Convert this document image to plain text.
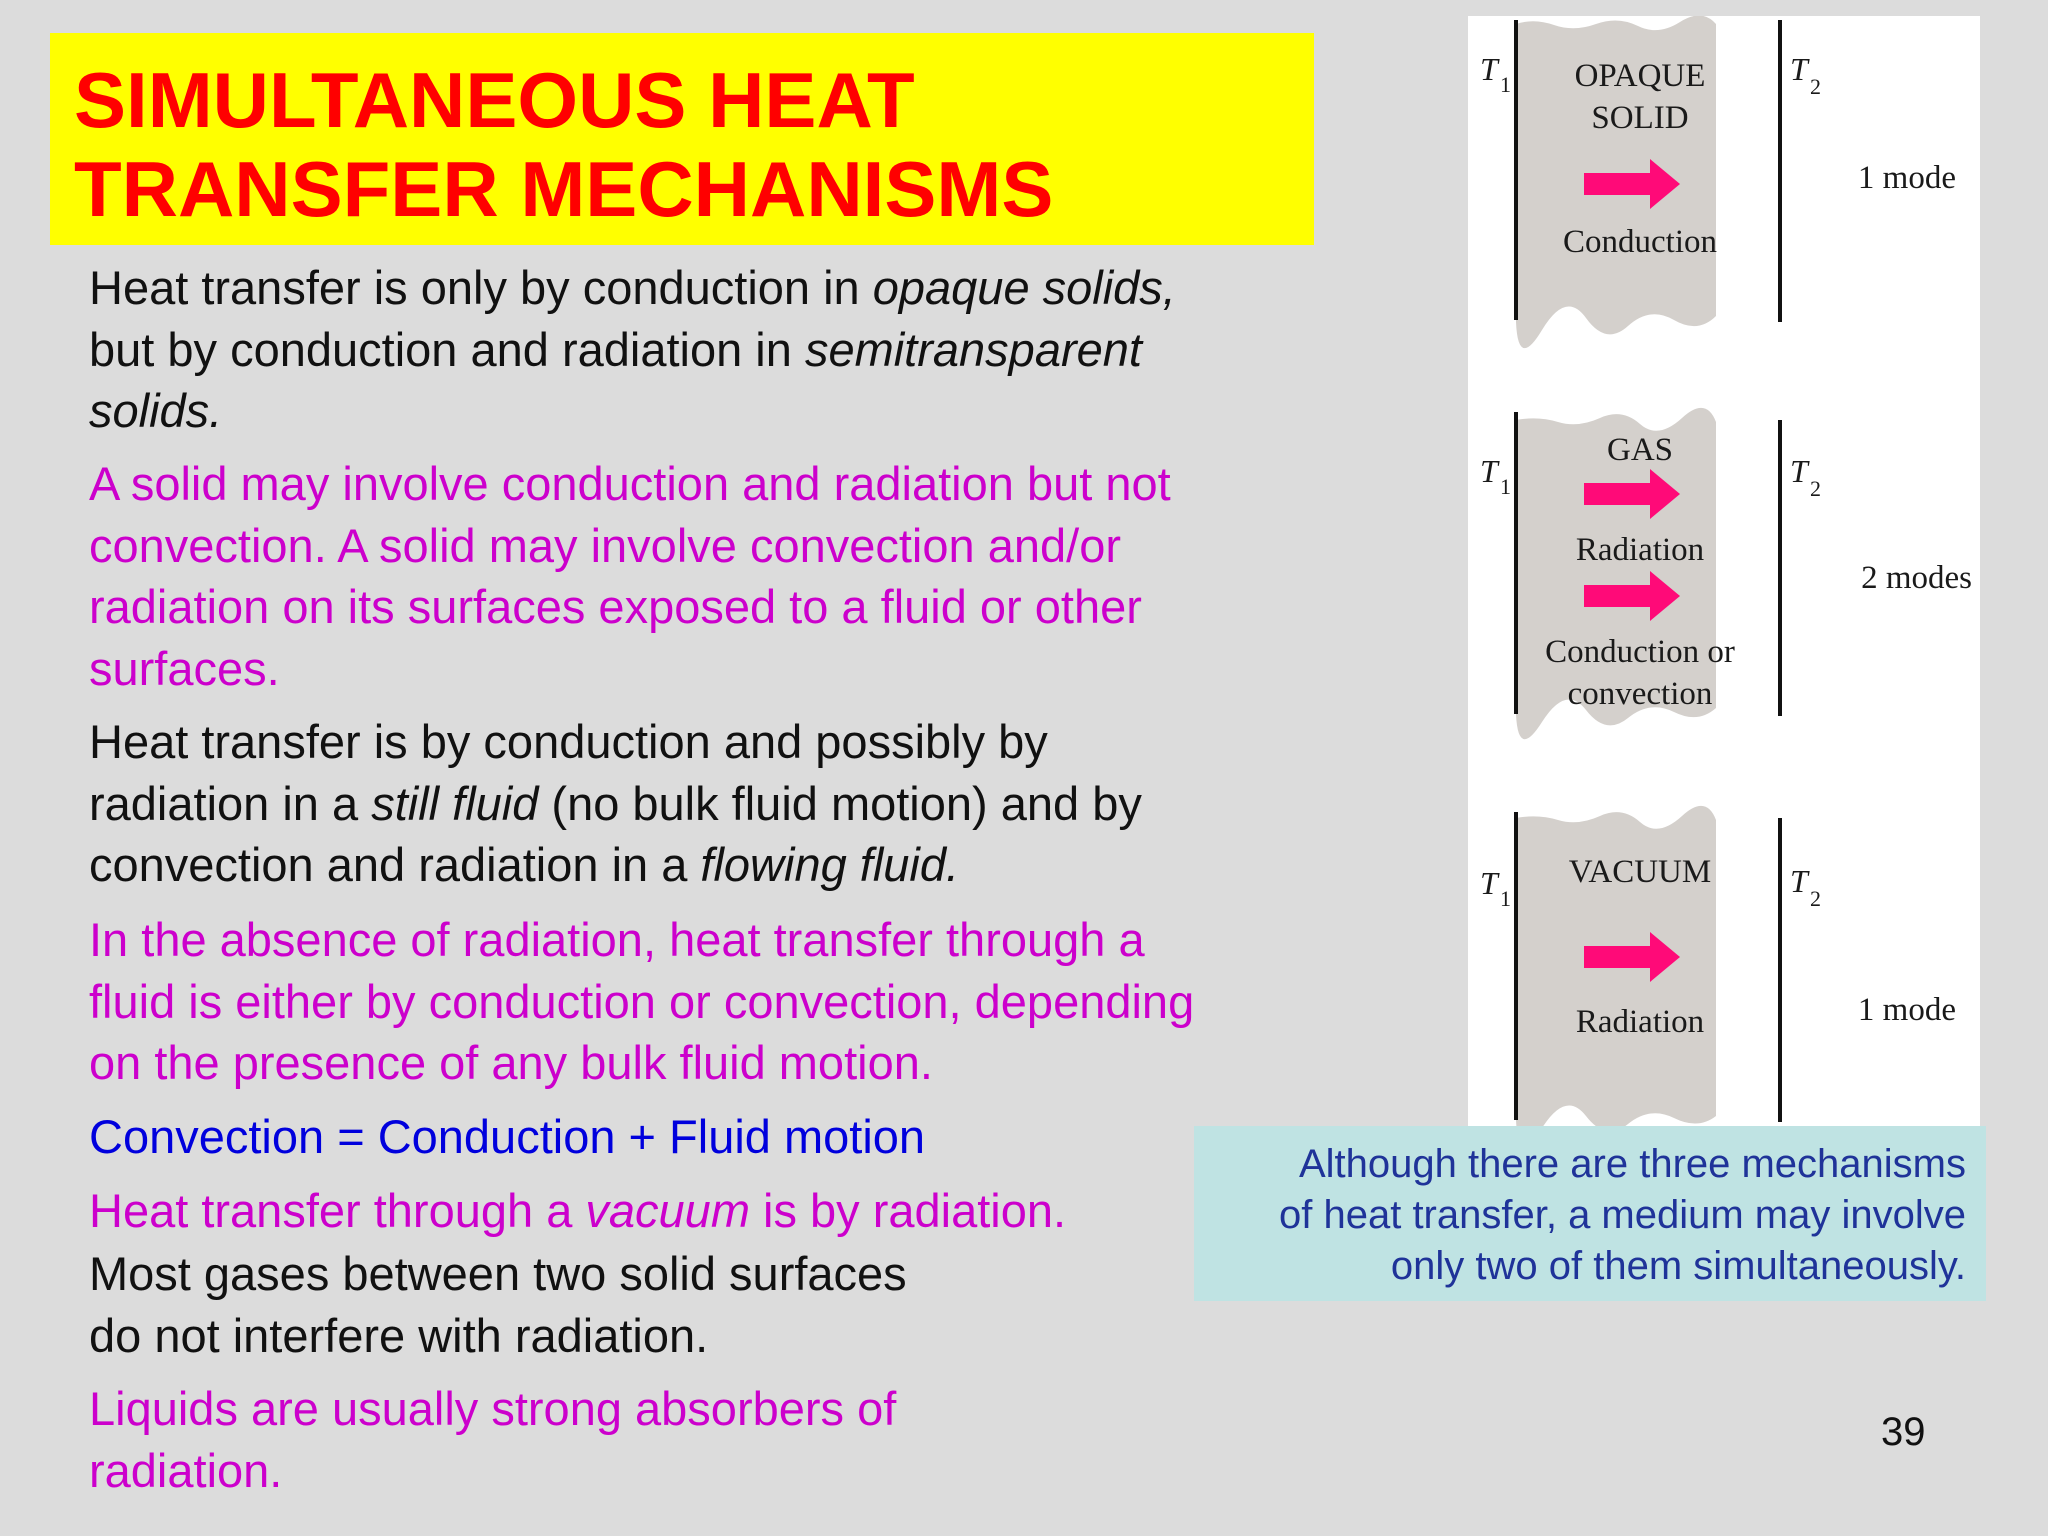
SIMULTANEOUS HEAT
TRANSFER MECHANISMS
Heat transfer is only by conduction in opaque solids,
but by conduction and radiation in semitransparent
solids.
A solid may involve conduction and radiation but not
convection. A solid may involve convection and/or
radiation on its surfaces exposed to a fluid or other
surfaces.
Heat transfer is by conduction and possibly by
radiation in a still fluid (no bulk fluid motion) and by
convection and radiation in a flowing fluid.
In the absence of radiation, heat transfer through a
fluid is either by conduction or convection, depending
on the presence of any bulk fluid motion.
Convection = Conduction + Fluid motion
Heat transfer through a vacuum is by radiation.
Most gases between two solid surfaces
do not interfere with radiation.
Liquids are usually strong absorbers of
radiation.
T 1	T 2
OPAQUE
SOLID
Conduction
1 mode
T 1	T 2
GAS
Radiation
Conduction or
convection
2 modes
T 1	T 2
VACUUM
Radiation	1 mode
Although there are three mechanisms
of heat transfer, a medium may involve
only two of them simultaneously.
39
